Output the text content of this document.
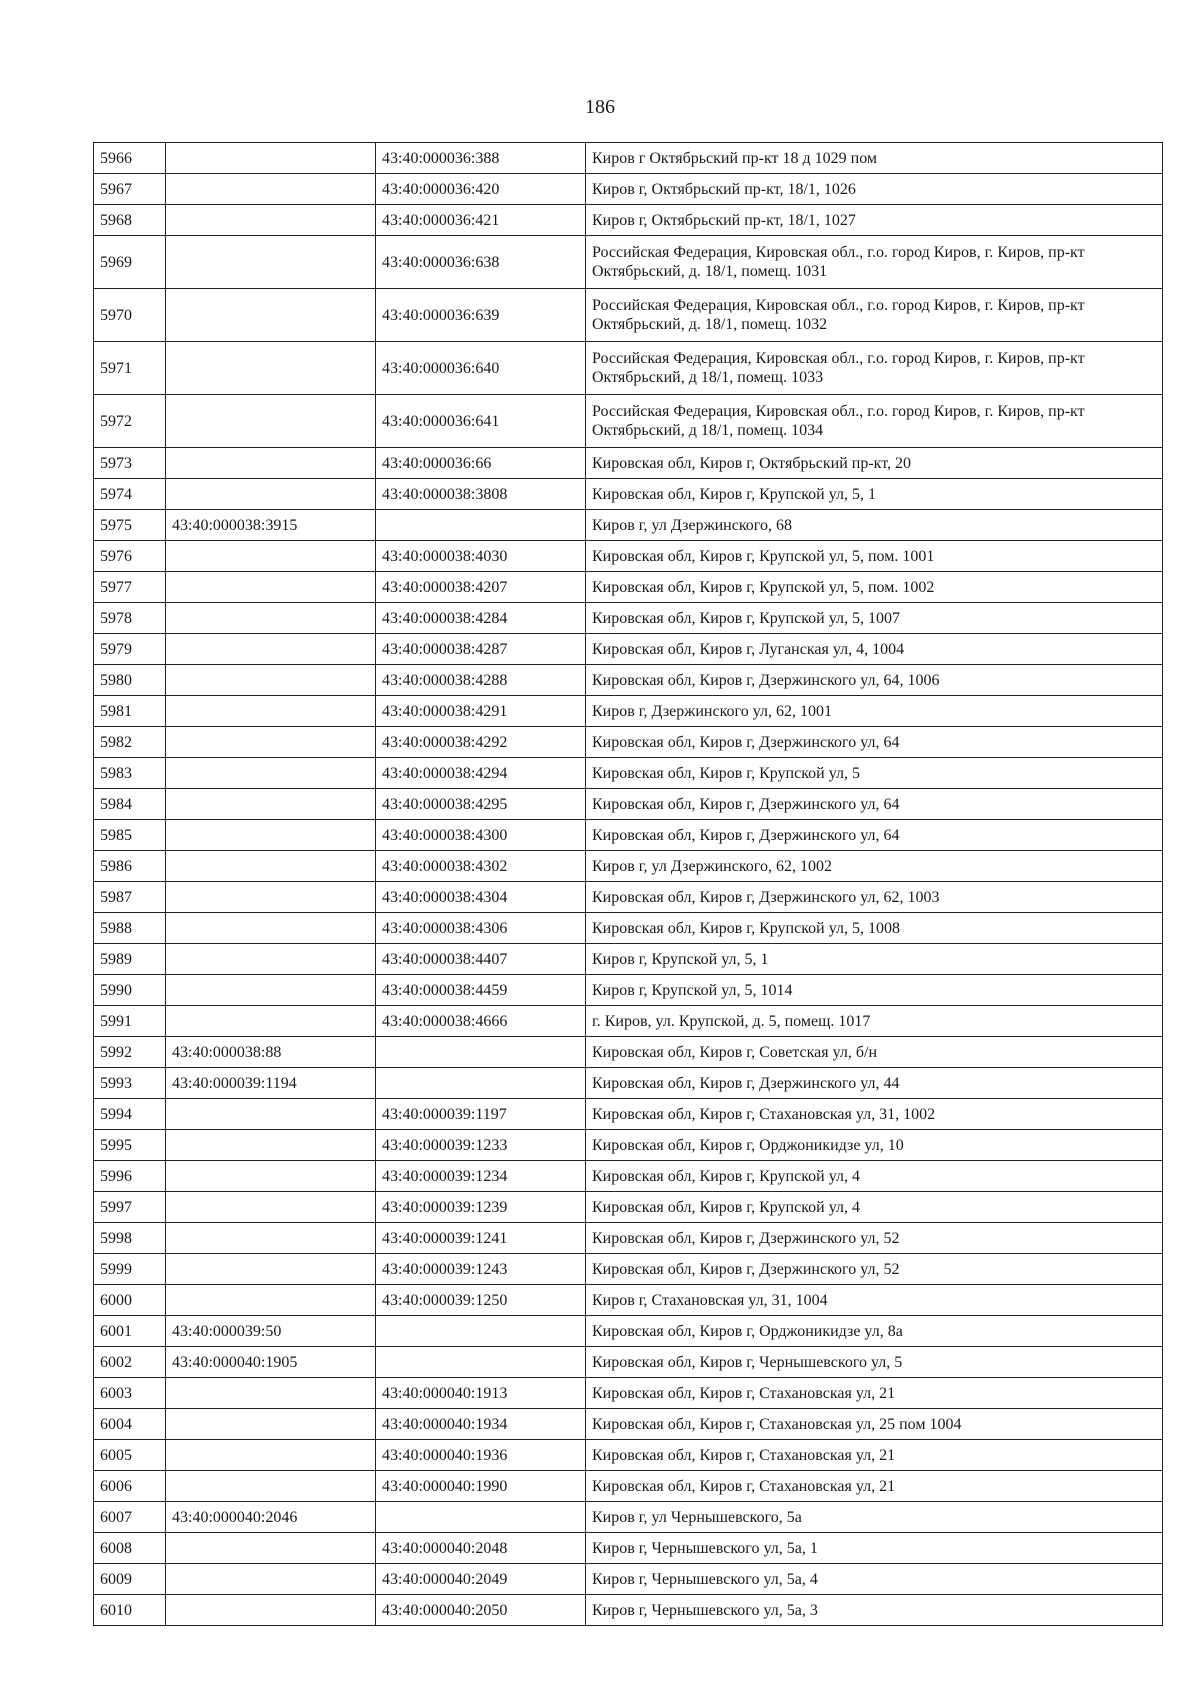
186
5966		43:40:000036:388	Киров г Октябрьский пр-кт 18 д 1029 пом
5967		43:40:000036:420	Киров г, Октябрьский пр-кт, 18/1, 1026
5968		43:40:000036:421	Киров г, Октябрьский пр-кт, 18/1, 1027
5969		43:40:000036:638	Российская Федерация, Кировская обл., г.о. город Киров, г. Киров, пр-кт Октябрьский, д. 18/1, помещ. 1031
5970		43:40:000036:639	Российская Федерация, Кировская обл., г.о. город Киров, г. Киров, пр-кт Октябрьский, д. 18/1, помещ. 1032
5971		43:40:000036:640	Российская Федерация, Кировская обл., г.о. город Киров, г. Киров, пр-кт Октябрьский, д 18/1, помещ. 1033
5972		43:40:000036:641	Российская Федерация, Кировская обл., г.о. город Киров, г. Киров, пр-кт Октябрьский, д 18/1, помещ. 1034
5973		43:40:000036:66	Кировская обл, Киров г, Октябрьский пр-кт, 20
5974		43:40:000038:3808	Кировская обл, Киров г, Крупской ул, 5, 1
5975	43:40:000038:3915		Киров г, ул Дзержинского, 68
5976		43:40:000038:4030	Кировская обл, Киров г, Крупской ул, 5, пом. 1001
5977		43:40:000038:4207	Кировская обл, Киров г, Крупской ул, 5, пом. 1002
5978		43:40:000038:4284	Кировская обл, Киров г, Крупской ул, 5, 1007
5979		43:40:000038:4287	Кировская обл, Киров г, Луганская ул, 4, 1004
5980		43:40:000038:4288	Кировская обл, Киров г, Дзержинского ул, 64, 1006
5981		43:40:000038:4291	Киров г, Дзержинского ул, 62, 1001
5982		43:40:000038:4292	Кировская обл, Киров г, Дзержинского ул, 64
5983		43:40:000038:4294	Кировская обл, Киров г, Крупской ул, 5
5984		43:40:000038:4295	Кировская обл, Киров г, Дзержинского ул, 64
5985		43:40:000038:4300	Кировская обл, Киров г, Дзержинского ул, 64
5986		43:40:000038:4302	Киров г, ул Дзержинского, 62, 1002
5987		43:40:000038:4304	Кировская обл, Киров г, Дзержинского ул, 62, 1003
5988		43:40:000038:4306	Кировская обл, Киров г, Крупской ул, 5, 1008
5989		43:40:000038:4407	Киров г, Крупской ул, 5, 1
5990		43:40:000038:4459	Киров г, Крупской ул, 5, 1014
5991		43:40:000038:4666	г. Киров, ул. Крупской, д. 5, помещ. 1017
5992	43:40:000038:88		Кировская обл, Киров г, Советская ул, б/н
5993	43:40:000039:1194		Кировская обл, Киров г, Дзержинского ул, 44
5994		43:40:000039:1197	Кировская обл, Киров г, Стахановская ул, 31, 1002
5995		43:40:000039:1233	Кировская обл, Киров г, Орджоникидзе ул, 10
5996		43:40:000039:1234	Кировская обл, Киров г, Крупской ул, 4
5997		43:40:000039:1239	Кировская обл, Киров г, Крупской ул, 4
5998		43:40:000039:1241	Кировская обл, Киров г, Дзержинского ул, 52
5999		43:40:000039:1243	Кировская обл, Киров г, Дзержинского ул, 52
6000		43:40:000039:1250	Киров г, Стахановская ул, 31, 1004
6001	43:40:000039:50		Кировская обл, Киров г, Орджоникидзе ул, 8а
6002	43:40:000040:1905		Кировская обл, Киров г, Чернышевского ул, 5
6003		43:40:000040:1913	Кировская обл, Киров г, Стахановская ул, 21
6004		43:40:000040:1934	Кировская обл, Киров г, Стахановская ул, 25 пом 1004
6005		43:40:000040:1936	Кировская обл, Киров г, Стахановская ул, 21
6006		43:40:000040:1990	Кировская обл, Киров г, Стахановская ул, 21
6007	43:40:000040:2046		Киров г, ул Чернышевского, 5а
6008		43:40:000040:2048	Киров г, Чернышевского ул, 5а, 1
6009		43:40:000040:2049	Киров г, Чернышевского ул, 5а, 4
6010		43:40:000040:2050	Киров г, Чернышевского ул, 5а, 3
